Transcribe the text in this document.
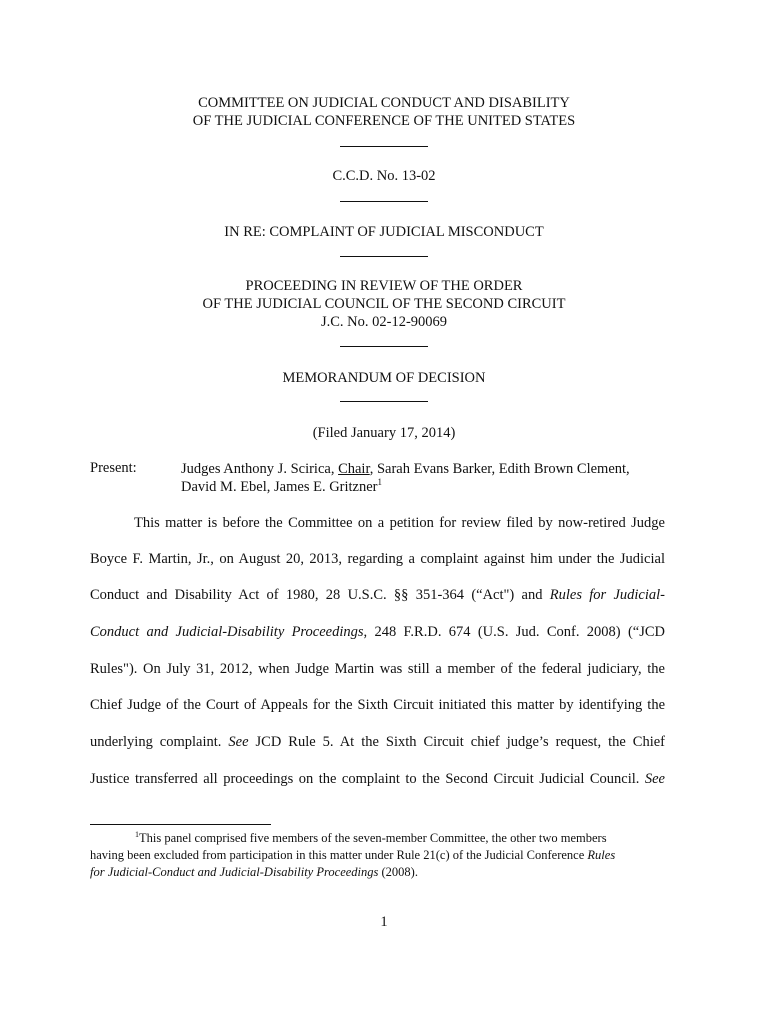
COMMITTEE ON JUDICIAL CONDUCT AND DISABILITY
OF THE JUDICIAL CONFERENCE OF THE UNITED STATES
C.C.D. No. 13-02
IN RE: COMPLAINT OF JUDICIAL MISCONDUCT
PROCEEDING IN REVIEW OF THE ORDER
OF THE JUDICIAL COUNCIL OF THE SECOND CIRCUIT
J.C. No. 02-12-90069
MEMORANDUM OF DECISION
(Filed January 17, 2014)
Present:	Judges Anthony J. Scirica, Chair, Sarah Evans Barker, Edith Brown Clement,
David M. Ebel, James E. Gritzner$^1$
This matter is before the Committee on a petition for review filed by now-retired Judge
Boyce F. Martin, Jr., on August 20, 2013, regarding a complaint against him under the Judicial
Conduct and Disability Act of 1980, 28 U.S.C. §§ 351-364 (“Act") and Rules for Judicial-
Conduct and Judicial-Disability Proceedings, 248 F.R.D. 674 (U.S. Jud. Conf. 2008) (“JCD
Rules"). On July 31, 2012, when Judge Martin was still a member of the federal judiciary, the
Chief Judge of the Court of Appeals for the Sixth Circuit initiated this matter by identifying the
underlying complaint. See JCD Rule 5. At the Sixth Circuit chief judge’s request, the Chief
Justice transferred all proceedings on the complaint to the Second Circuit Judicial Council. See
$^1$This panel comprised five members of the seven-member Committee, the other two members
having been excluded from participation in this matter under Rule 21(c) of the Judicial Conference Rules
for Judicial-Conduct and Judicial-Disability Proceedings (2008).
1
